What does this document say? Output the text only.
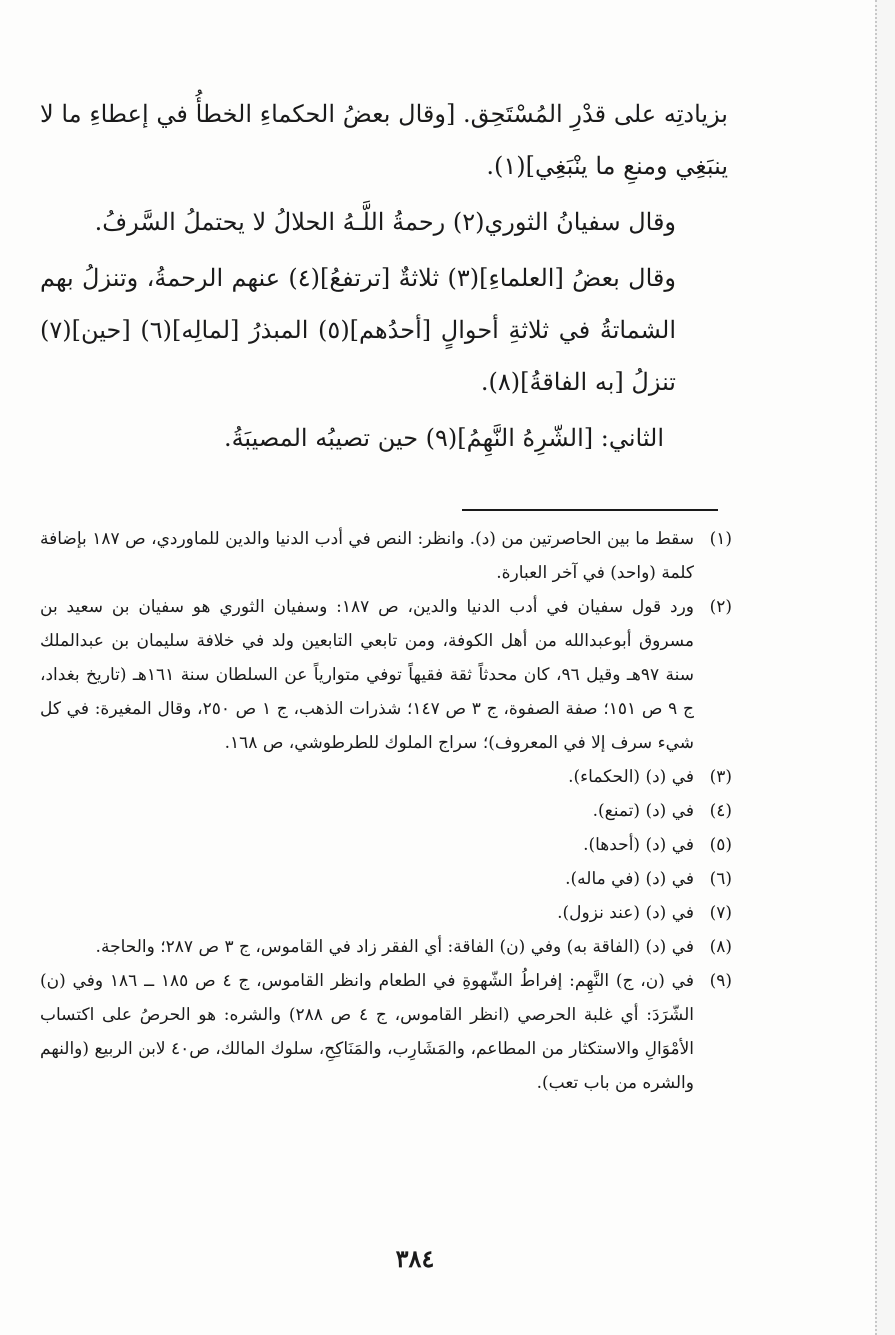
بزيادتِه على قدْرِ المُسْتَحِق. [وقال بعضُ الحكماءِ الخطأُ في إعطاءِ ما لا ينبَغِي ومنعِ ما ينْبَغِي](١).

وقال سفيانُ الثوري(٢) رحمةُ اللَّـهُ الحلالُ لا يحتملُ السَّرفُ.

وقال بعضُ [العلماءِ](٣) ثلاثةٌ [ترتفعُ](٤) عنهم الرحمةُ، وتنزلُ بهم الشماتةُ في ثلاثةِ أحوالٍ [أحدُهم](٥) المبذرُ [لمالِه](٦) [حين](٧) تنزلُ [به الفاقةُ](٨).

الثاني: [الشّرِهُ النَّهِمُ](٩) حين تصيبُه المصيبَةُ.

(١)
سقط ما بين الحاصرتين من (د). وانظر: النص في أدب الدنيا والدين للماوردي، ص ١٨٧ بإضافة كلمة (واحد) في آخر العبارة.
(٢)
ورد قول سفيان في أدب الدنيا والدين، ص ١٨٧: وسفيان الثوري هو سفيان بن سعيد بن مسروق أبوعبدالله من أهل الكوفة، ومن تابعي التابعين ولد في خلافة سليمان بن عبدالملك سنة ٩٧هـ وقيل ٩٦، كان محدثاً ثقة فقيهاً توفي متوارياً عن السلطان سنة ١٦١هـ (تاريخ بغداد، ج ٩ ص ١٥١؛ صفة الصفوة، ج ٣ ص ١٤٧؛ شذرات الذهب، ج ١ ص ٢٥٠، وقال المغيرة: في كل شيء سرف إلا في المعروف)؛ سراج الملوك للطرطوشي، ص ١٦٨.
(٣)
في (د) (الحكماء).
(٤)
في (د) (تمنع).
(٥)
في (د) (أحدها).
(٦)
في (د) (في ماله).
(٧)
في (د) (عند نزول).
(٨)
في (د) (الفاقة به) وفي (ن) الفاقة: أي الفقر زاد في القاموس، ج ٣ ص ٢٨٧؛ والحاجة.
(٩)
في (ن، ج) النَّهِم: إفراطُ الشّهوةِ في الطعام وانظر القاموس، ج ٤ ص ١٨٥ ــ ١٨٦ وفي (ن) الشّرَدَ: أي غلبة الحرصي (انظر القاموس، ج ٤ ص ٢٨٨) والشره: هو الحرصُ على اكتساب الأمْوَالِ والاستكثار من المطاعم، والمَشَارِب، والمَنَاكِحِ، سلوك المالك، ص٤٠ لابن الربيع (والنهم والشره من باب تعب).
٣٨٤
